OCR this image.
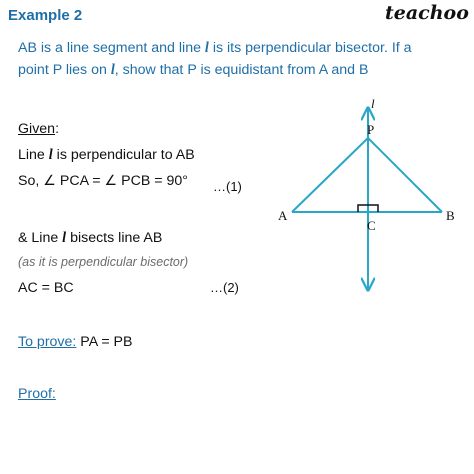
Example 2	teachoo
AB is a line segment and line l is its perpendicular bisector. If a
point P lies on l, show that P is equidistant from A and B
Given:
Line l is perpendicular to AB
So, ∠ PCA = ∠ PCB = 90° …(1)
& Line l bisects line AB
(as it is perpendicular bisector)
AC = BC	…(2)
To prove: PA = PB
Proof:
l
P
A	B
C
